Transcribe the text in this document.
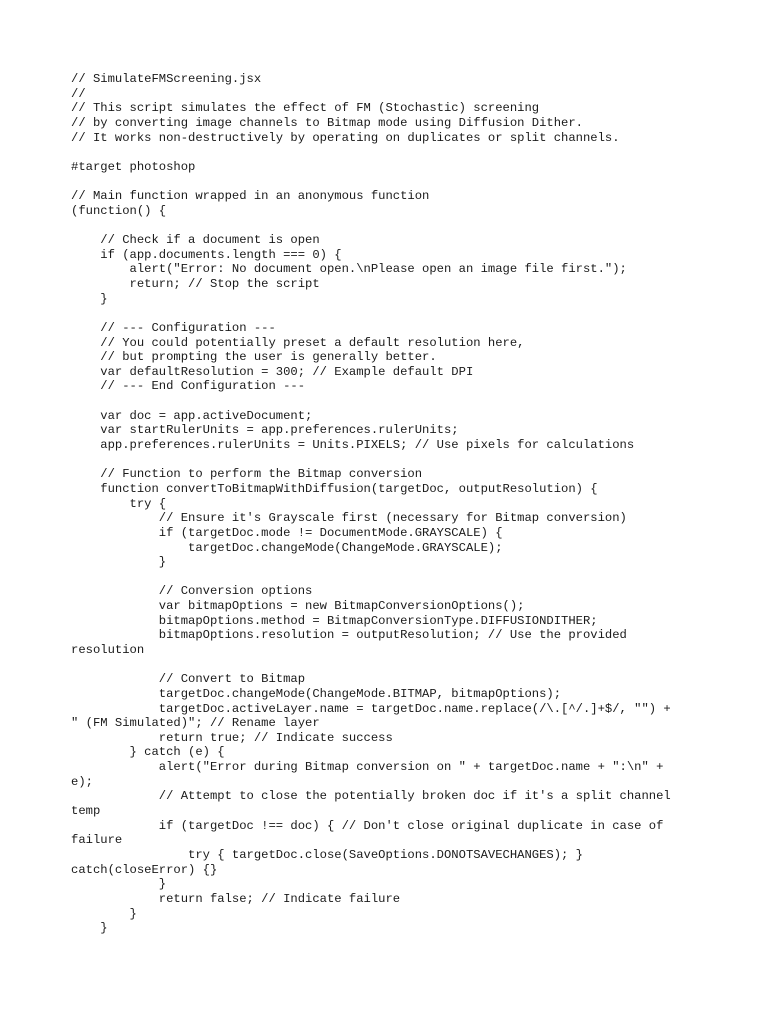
// SimulateFMScreening.jsx
//
// This script simulates the effect of FM (Stochastic) screening
// by converting image channels to Bitmap mode using Diffusion Dither.
// It works non-destructively by operating on duplicates or split channels.
#target photoshop
// Main function wrapped in an anonymous function
(function() {
// Check if a document is open
if (app.documents.length === 0) {
alert("Error: No document open.\nPlease open an image file first.");
return; // Stop the script
}
// --- Configuration ---
// You could potentially preset a default resolution here,
// but prompting the user is generally better.
var defaultResolution = 300; // Example default DPI
// --- End Configuration ---
var doc = app.activeDocument;
var startRulerUnits = app.preferences.rulerUnits;
app.preferences.rulerUnits = Units.PIXELS; // Use pixels for calculations
// Function to perform the Bitmap conversion
function convertToBitmapWithDiffusion(targetDoc, outputResolution) {
try {
// Ensure it's Grayscale first (necessary for Bitmap conversion)
if (targetDoc.mode != DocumentMode.GRAYSCALE) {
targetDoc.changeMode(ChangeMode.GRAYSCALE);
}
// Conversion options
var bitmapOptions = new BitmapConversionOptions();
bitmapOptions.method = BitmapConversionType.DIFFUSIONDITHER;
bitmapOptions.resolution = outputResolution; // Use the provided
resolution
// Convert to Bitmap
targetDoc.changeMode(ChangeMode.BITMAP, bitmapOptions);
targetDoc.activeLayer.name = targetDoc.name.replace(/\.[^/.]+$/, "") +
" (FM Simulated)"; // Rename layer
return true; // Indicate success
} catch (e) {
alert("Error during Bitmap conversion on " + targetDoc.name + ":\n" +
e);
// Attempt to close the potentially broken doc if it's a split channel
temp
if (targetDoc !== doc) { // Don't close original duplicate in case of
failure
try { targetDoc.close(SaveOptions.DONOTSAVECHANGES); }
catch(closeError) {}
}
return false; // Indicate failure
}
}
